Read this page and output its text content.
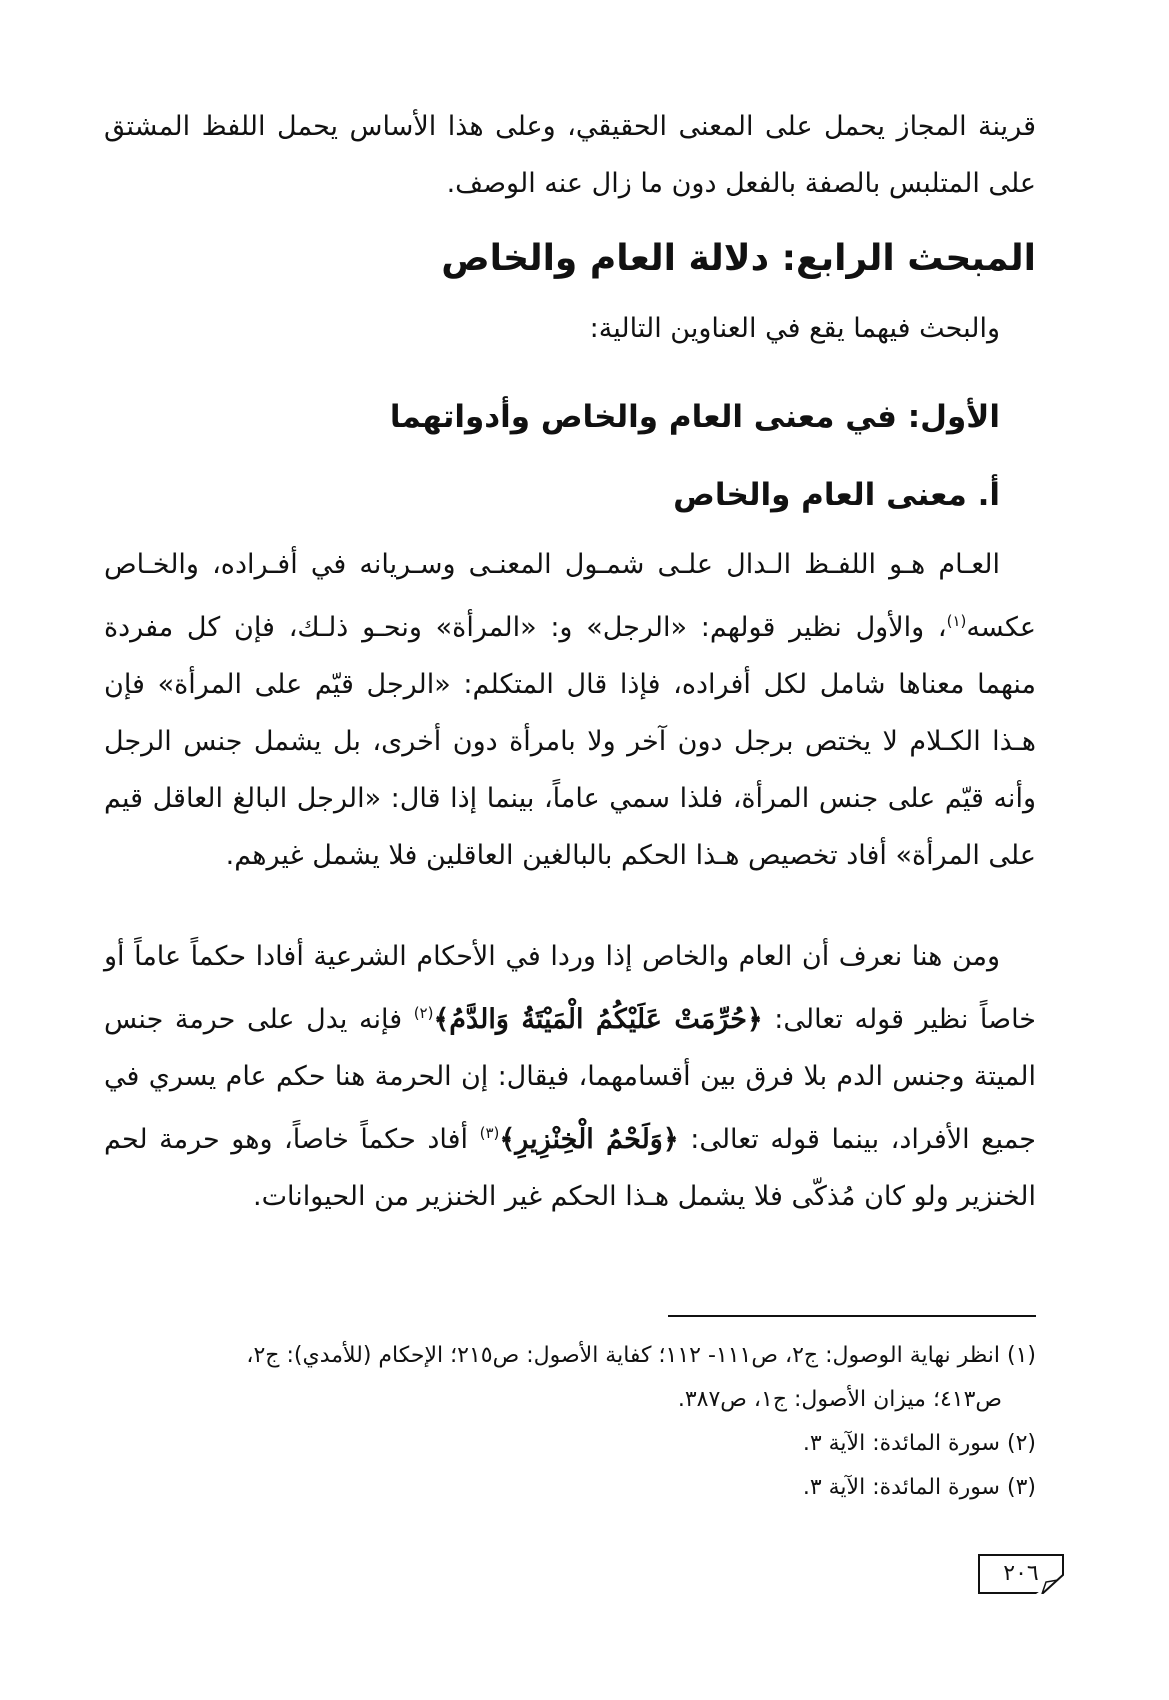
قرينة المجاز يحمل على المعنى الحقيقي، وعلى هذا الأساس يحمل اللفظ المشتق
على المتلبس بالصفة بالفعل دون ما زال عنه الوصف.
المبحث الرابع: دلالة العام والخاص
والبحث فيهما يقع في العناوين التالية:
الأول: في معنى العام والخاص وأدواتهما
أ. معنى العام والخاص

العـام هـو اللفـظ الـدال علـى شمـول المعنـى وسـريانه في أفـراده، والخـاص عكسه$^{(١)}$، والأول نظير قولهم: «الرجل» و: «المرأة» ونحـو ذلـك، فإن كل مفردة منهما معناها شامل لكل أفراده، فإذا قال المتكلم: «الرجل قيّم على المرأة» فإن هـذا الكـلام لا يختص برجل دون آخر ولا بامرأة دون أخرى، بل يشمل جنس الرجل وأنه قيّم على جنس المرأة، فلذا سمي عاماً، بينما إذا قال: «الرجل البالغ العاقل قيم على المرأة» أفاد تخصيص هـذا الحكم بالبالغين العاقلين فلا يشمل غيرهم.

ومن هنا نعرف أن العام والخاص إذا وردا في الأحكام الشرعية أفادا حكماً عاماً أو خاصاً نظير قوله تعالى: ﴿حُرِّمَتْ عَلَيْكُمُ الْمَيْتَةُ وَالدَّمُ﴾$^{(٢)}$ فإنه يدل على حرمة جنس الميتة وجنس الدم بلا فرق بين أقسامهما، فيقال: إن الحرمة هنا حكم عام يسري في جميع الأفراد، بينما قوله تعالى: ﴿وَلَحْمُ الْخِنْزِيرِ﴾$^{(٣)}$ أفاد حكماً خاصاً، وهو حرمة لحم الخنزير ولو كان مُذكّى فلا يشمل هـذا الحكم غير الخنزير من الحيوانات.

(١) انظر نهاية الوصول: ج٢، ص١١١- ١١٢؛ كفاية الأصول: ص٢١٥؛ الإحكام (للأمدي): ج٢،
ص٤١٣؛ ميزان الأصول: ج١، ص٣٨٧.
(٢) سورة المائدة: الآية ٣.
(٣) سورة المائدة: الآية ٣.
٢٠٦
